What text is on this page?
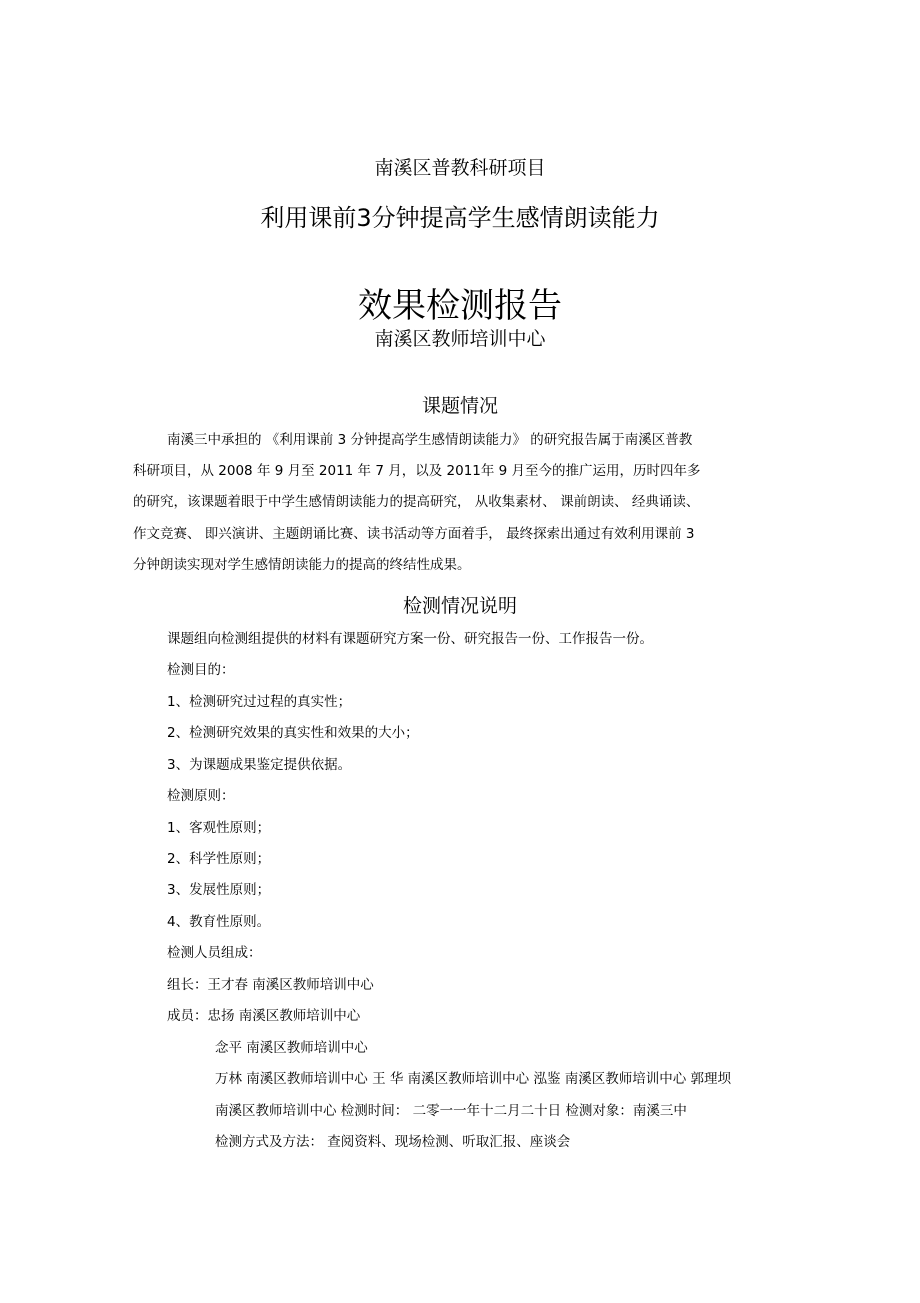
南溪区普教科研项目
利用课前3分钟提高学生感情朗读能力
效果检测报告
南溪区教师培训中心
课题情况
南溪三中承担的 《利用课前 3 分钟提高学生感情朗读能力》 的研究报告属于南溪区普教
科研项目，从 2008 年 9 月至 2011 年 7 月，以及 2011年 9 月至今的推广运用，历时四年多
的研究，该课题着眼于中学生感情朗读能力的提高研究， 从收集素材、 课前朗读、 经典诵读、
作文竞赛、 即兴演讲、主题朗诵比赛、读书活动等方面着手， 最终探索出通过有效利用课前 3
分钟朗读实现对学生感情朗读能力的提高的终结性成果。
检测情况说明
课题组向检测组提供的材料有课题研究方案一份、研究报告一份、工作报告一份。
检测目的：
1、检测研究过过程的真实性；
2、检测研究效果的真实性和效果的大小；
3、为课题成果鉴定提供依据。
检测原则：
1、客观性原则；
2、科学性原则；
3、发展性原则；
4、教育性原则。
检测人员组成：
组长：王才春 南溪区教师培训中心
成员：忠扬 南溪区教师培训中心
念平 南溪区教师培训中心
万林 南溪区教师培训中心 王 华 南溪区教师培训中心 泓鉴 南溪区教师培训中心 郭理坝
南溪区教师培训中心 检测时间： 二零一一年十二月二十日 检测对象：南溪三中
检测方式及方法： 查阅资料、现场检测、听取汇报、座谈会
